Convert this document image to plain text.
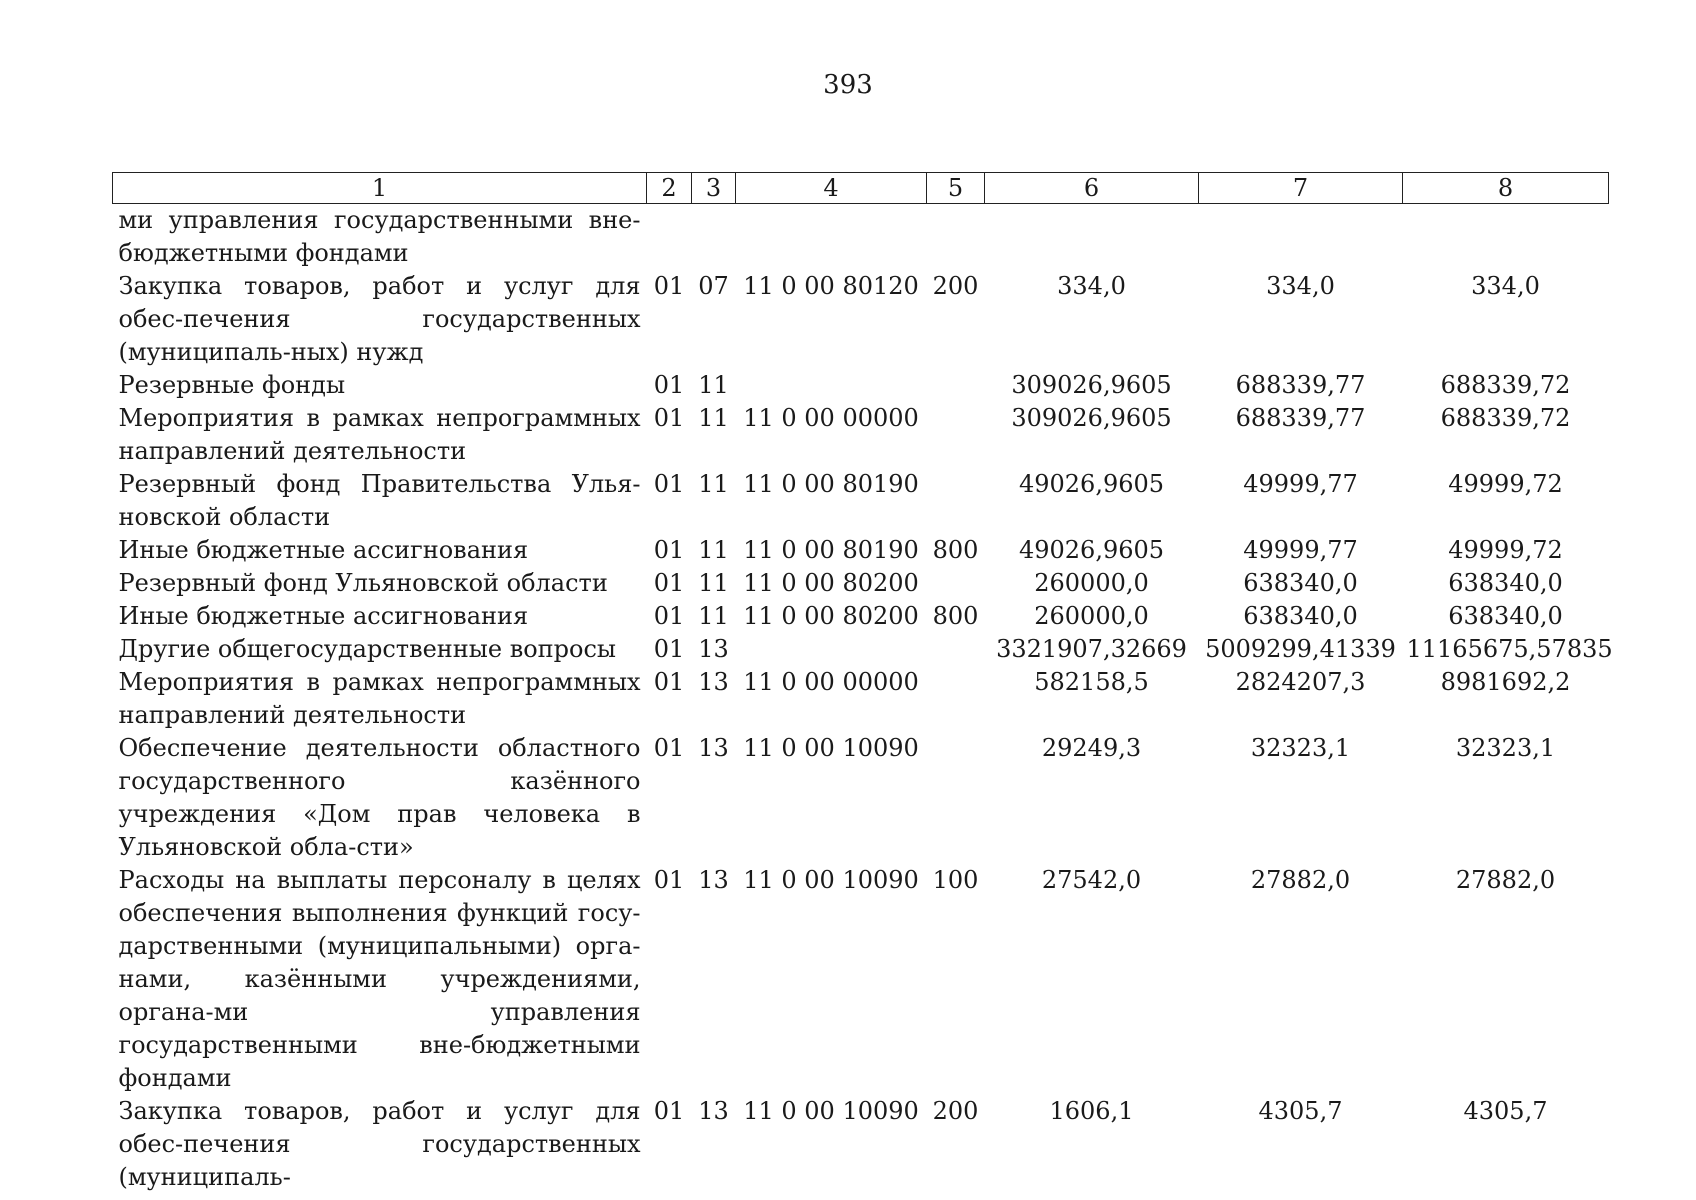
393
1	2	3	4	5	6	7	8
ми управления государственными вне-бюджетными фондами							
Закупка товаров, работ и услуг для обес-печения государственных (муниципаль-ных) нужд	01	07	11 0 00 80120	200	334,0	334,0	334,0
Резервные фонды	01	11			309026,9605	688339,77	688339,72
Мероприятия в рамках непрограммных направлений деятельности	01	11	11 0 00 00000		309026,9605	688339,77	688339,72
Резервный фонд Правительства Улья-новской области	01	11	11 0 00 80190		49026,9605	49999,77	49999,72
Иные бюджетные ассигнования	01	11	11 0 00 80190	800	49026,9605	49999,77	49999,72
Резервный фонд Ульяновской области	01	11	11 0 00 80200		260000,0	638340,0	638340,0
Иные бюджетные ассигнования	01	11	11 0 00 80200	800	260000,0	638340,0	638340,0
Другие общегосударственные вопросы	01	13			3321907,32669	5009299,41339	11165675,57835
Мероприятия в рамках непрограммных направлений деятельности	01	13	11 0 00 00000		582158,5	2824207,3	8981692,2
Обеспечение деятельности областного государственного казённого учреждения «Дом прав человека в Ульяновской обла-сти»	01	13	11 0 00 10090		29249,3	32323,1	32323,1
Расходы на выплаты персоналу в целях обеспечения выполнения функций госу-дарственными (муниципальными) орга-нами, казёнными учреждениями, органа-ми управления государственными вне-бюджетными фондами	01	13	11 0 00 10090	100	27542,0	27882,0	27882,0
Закупка товаров, работ и услуг для обес-печения государственных (муниципаль-	01	13	11 0 00 10090	200	1606,1	4305,7	4305,7
